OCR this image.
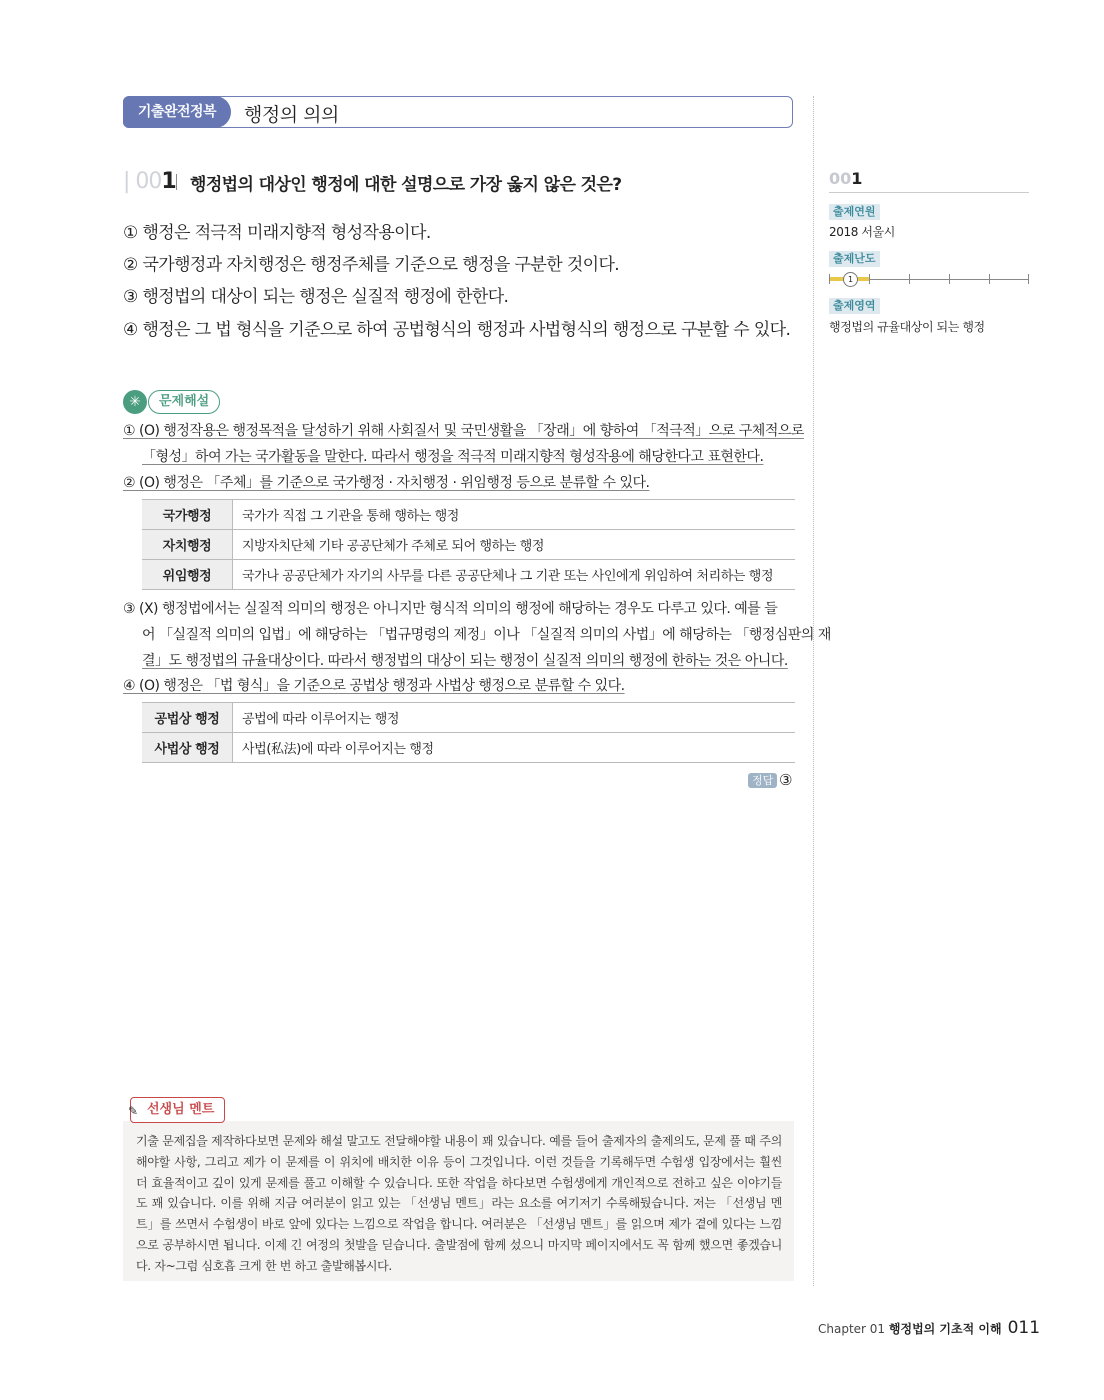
기출완전정복	행정의 의의
| 001 행정법의 대상인 행정에 대한 설명으로 가장 옳지 않은 것은?
① 행정은 적극적 미래지향적 형성작용이다.
② 국가행정과 자치행정은 행정주체를 기준으로 행정을 구분한 것이다.
③ 행정법의 대상이 되는 행정은 실질적 행정에 한한다.
④ 행정은 그 법 형식을 기준으로 하여 공법형식의 행정과 사법형식의 행정으로 구분할 수 있다.
001
출제연원
2018 서울시
출제난도
1
출제영역
행정법의 규율대상이 되는 행정
✳	문제해설
① (O) 행정작용은 행정목적을 달성하기 위해 사회질서 및 국민생활을 「장래」에 향하여 「적극적」으로 구체적으로
「형성」하여 가는 국가활동을 말한다. 따라서 행정을 적극적 미래지향적 형성작용에 해당한다고 표현한다.
② (O) 행정은 「주체」를 기준으로 국가행정 · 자치행정 · 위임행정 등으로 분류할 수 있다.
국가행정	국가가 직접 그 기관을 통해 행하는 행정
자치행정	지방자치단체 기타 공공단체가 주체로 되어 행하는 행정
위임행정	국가나 공공단체가 자기의 사무를 다른 공공단체나 그 기관 또는 사인에게 위임하여 처리하는 행정
③ (X) 행정법에서는 실질적 의미의 행정은 아니지만 형식적 의미의 행정에 해당하는 경우도 다루고 있다. 예를 들
어 「실질적 의미의 입법」에 해당하는 「법규명령의 제정」이나 「실질적 의미의 사법」에 해당하는 「행정심판의 재
결」도 행정법의 규율대상이다. 따라서 행정법의 대상이 되는 행정이 실질적 의미의 행정에 한하는 것은 아니다.
④ (O) 행정은 「법 형식」을 기준으로 공법상 행정과 사법상 행정으로 분류할 수 있다.
공법상 행정	공법에 따라 이루어지는 행정
사법상 행정	사법(私法)에 따라 이루어지는 행정
정답 ③
선생님 멘트
✎
기출 문제집을 제작하다보면 문제와 해설 말고도 전달해야할 내용이 꽤 있습니다. 예를 들어 출제자의 출제의도, 문제 풀 때 주의해야할 사항, 그리고 제가 이 문제를 이 위치에 배치한 이유 등이 그것입니다. 이런 것들을 기록해두면 수험생 입장에서는 훨씬 더 효율적이고 깊이 있게 문제를 풀고 이해할 수 있습니다. 또한 작업을 하다보면 수험생에게 개인적으로 전하고 싶은 이야기들도 꽤 있습니다. 이를 위해 지금 여러분이 읽고 있는 「선생님 멘트」라는 요소를 여기저기 수록해뒀습니다. 저는 「선생님 멘트」를 쓰면서 수험생이 바로 앞에 있다는 느낌으로 작업을 합니다. 여러분은 「선생님 멘트」를 읽으며 제가 곁에 있다는 느낌으로 공부하시면 됩니다. 이제 긴 여정의 첫발을 딛습니다. 출발점에 함께 섰으니 마지막 페이지에서도 꼭 함께 했으면 좋겠습니다. 자~그럼 심호흡 크게 한 번 하고 출발해봅시다.
Chapter 01 행정법의 기초적 이해 011
